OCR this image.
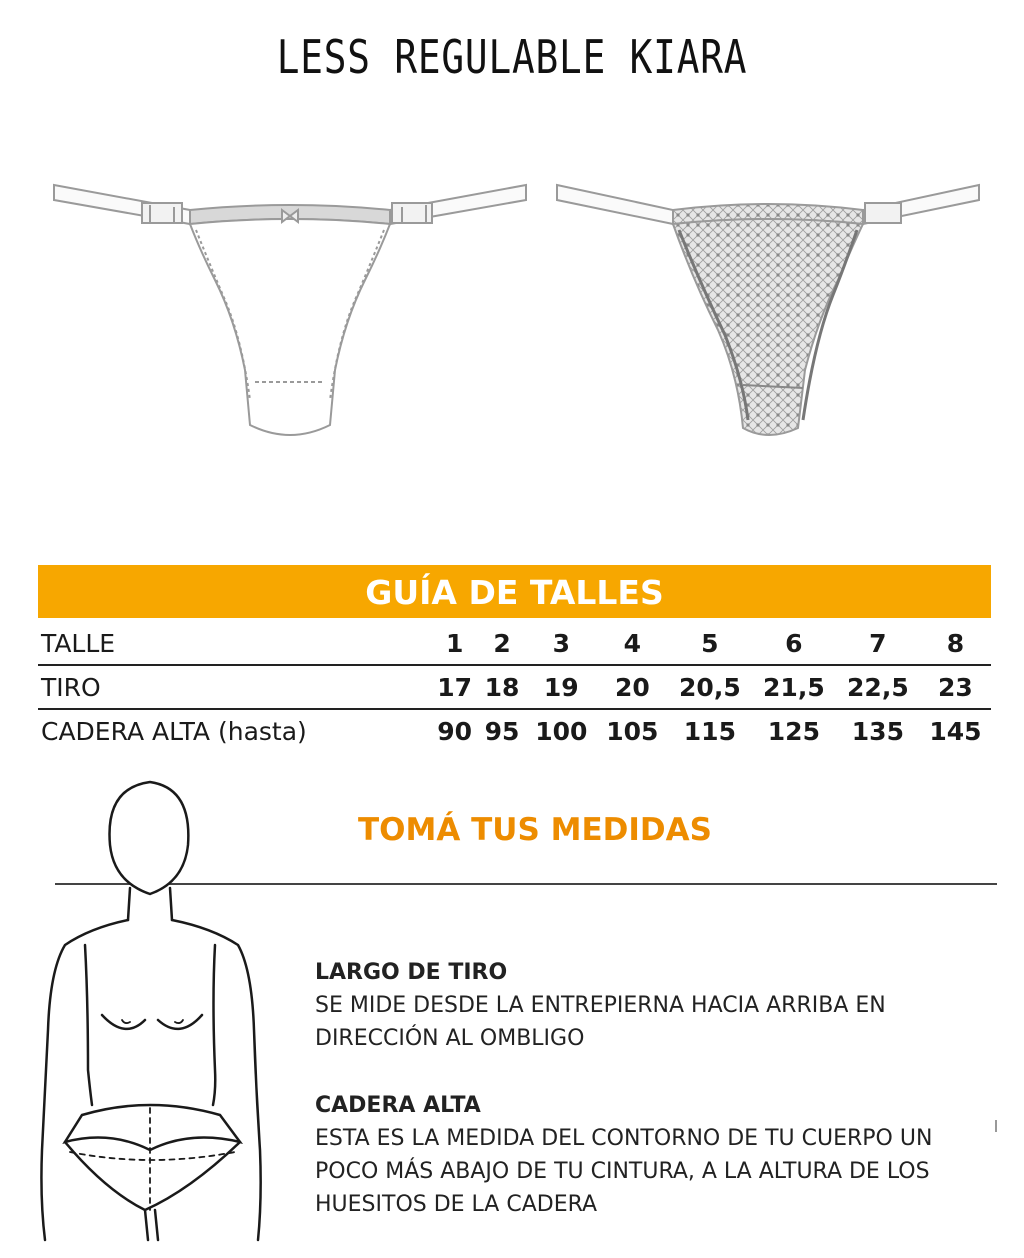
LESS REGULABLE KIARA
GUÍA DE TALLES
TALLE	1	2	3	4	5	6	7	8
TIRO	17	18	19	20	20,5	21,5	22,5	23
CADERA ALTA (hasta)	90	95	100	105	115	125	135	145
TOMÁ TUS MEDIDAS
LARGO DE TIRO
SE MIDE DESDE LA ENTREPIERNA HACIA ARRIBA EN DIRECCIÓN AL OMBLIGO
CADERA ALTA
ESTA ES LA MEDIDA DEL CONTORNO DE TU CUERPO UN POCO MÁS ABAJO DE TU CINTURA, A LA ALTURA DE LOS HUESITOS DE LA CADERA
